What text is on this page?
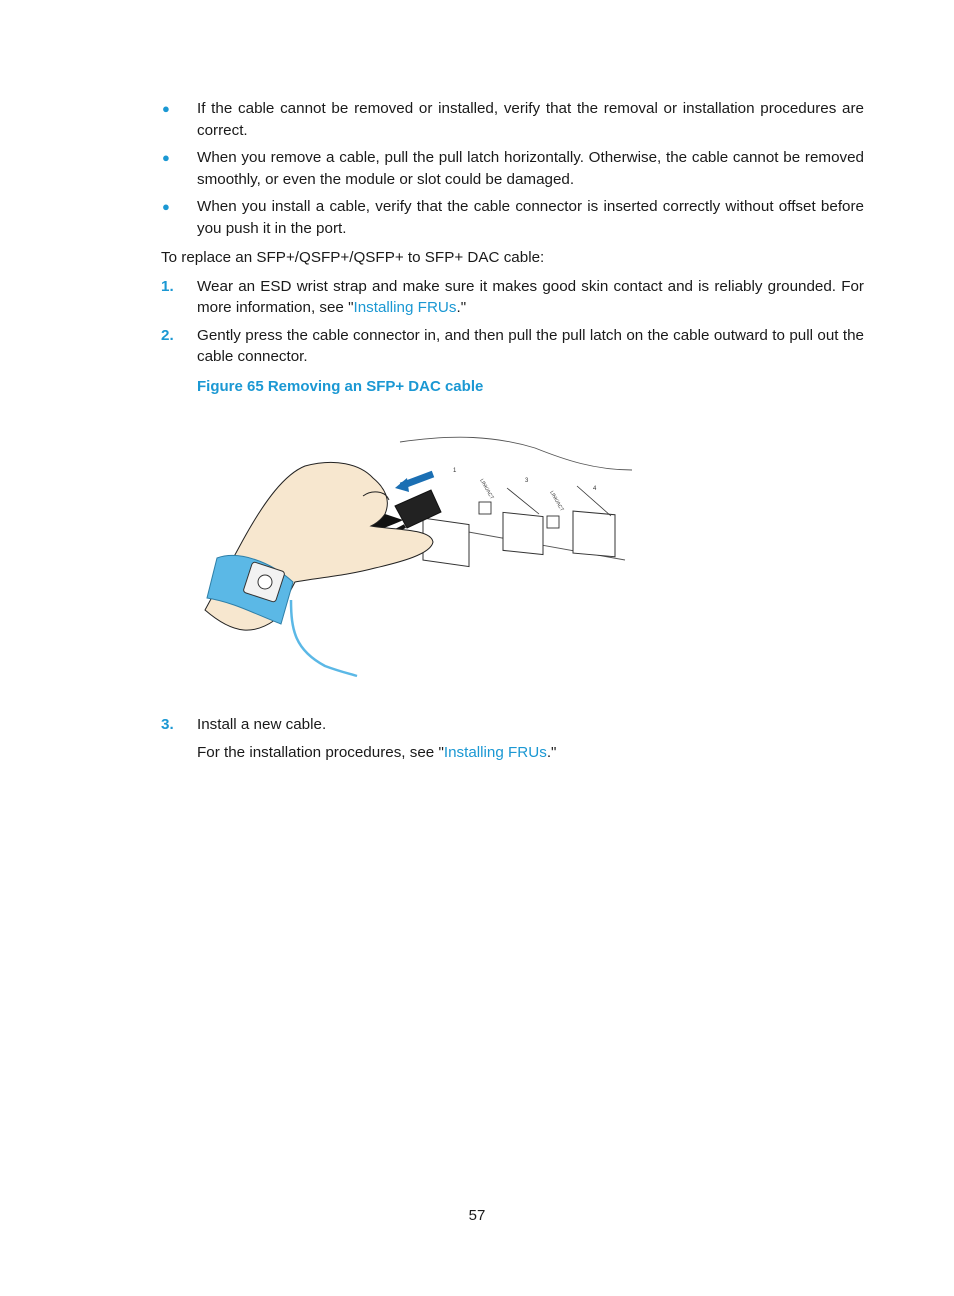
● If the cable cannot be removed or installed, verify that the removal or installation procedures are correct.
● When you remove a cable, pull the pull latch horizontally. Otherwise, the cable cannot be removed smoothly, or even the module or slot could be damaged.
● When you install a cable, verify that the cable connector is inserted correctly without offset before you push it in the port.
To replace an SFP+/QSFP+/QSFP+ to SFP+ DAC cable:
1. Wear an ESD wrist strap and make sure it makes good skin contact and is reliably grounded. For more information, see "Installing FRUs."
2. Gently press the cable connector in, and then pull the pull latch on the cable outward to pull out the cable connector.
Figure 65 Removing an SFP+ DAC cable
1
3
4
LINK/ACT
LINK/ACT
3. Install a new cable.
For the installation procedures, see "Installing FRUs."
57
